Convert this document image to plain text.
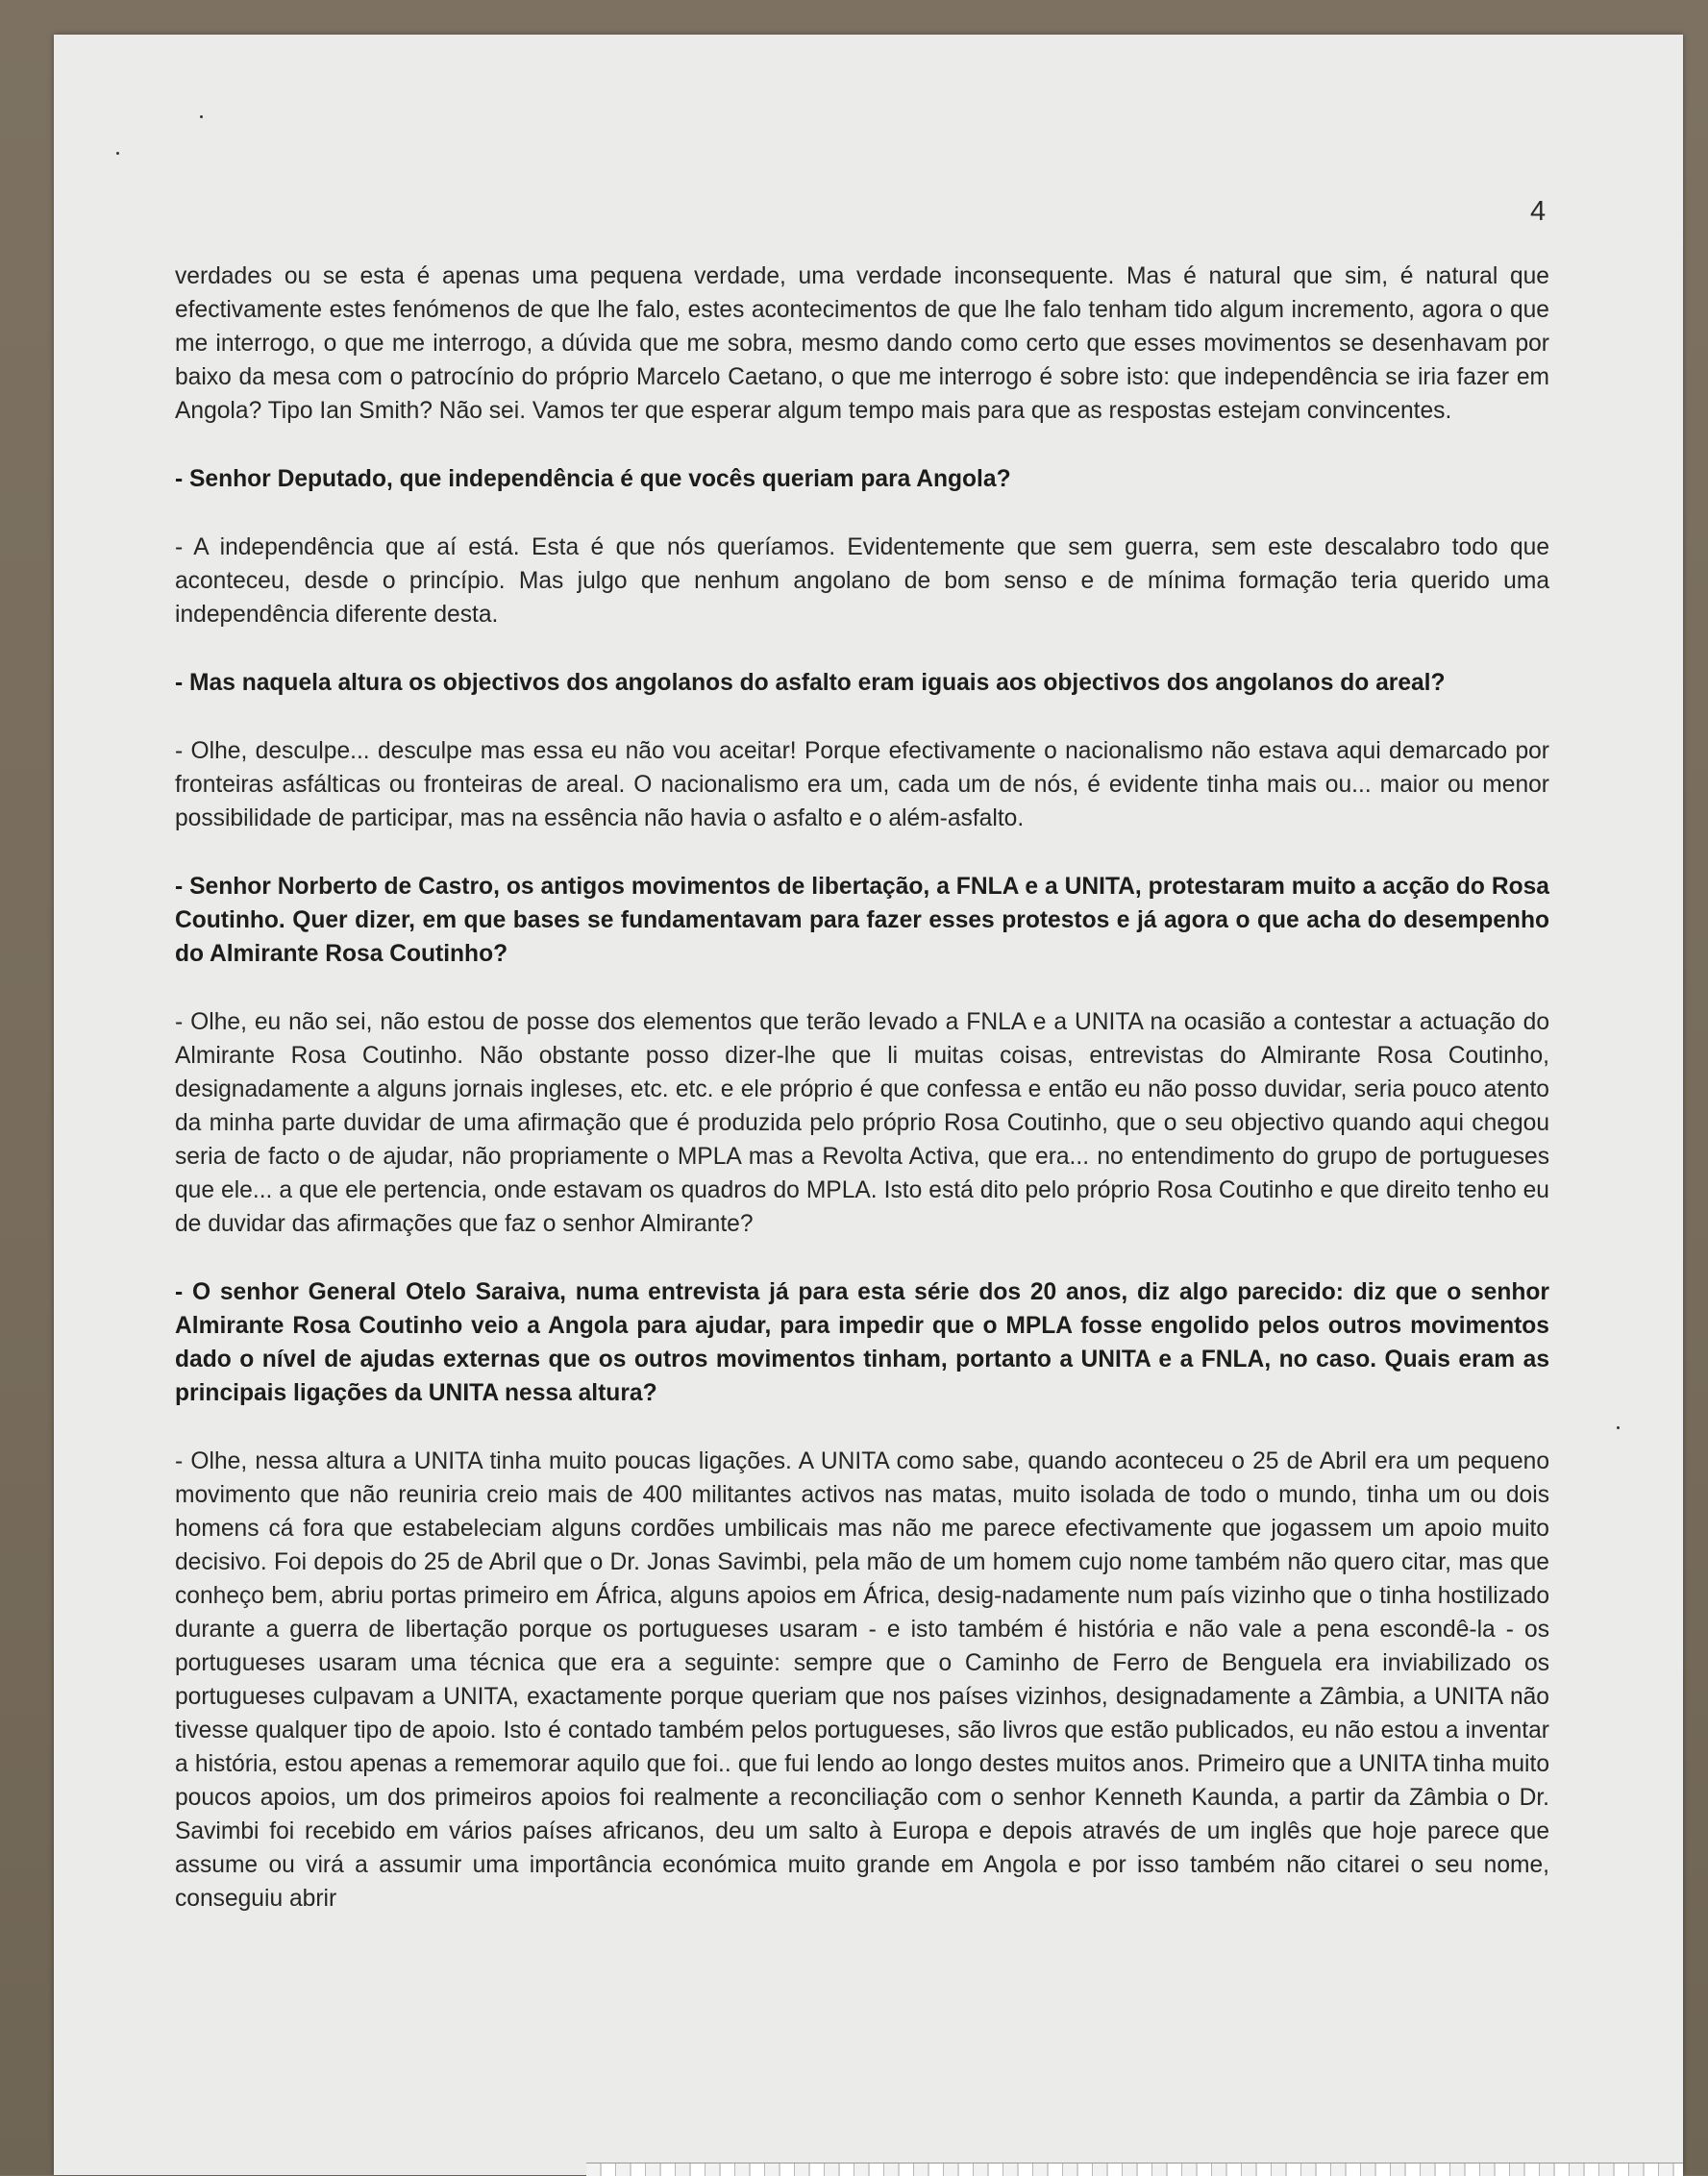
4

verdades ou se esta é apenas uma pequena verdade, uma verdade inconsequente. Mas é natural que sim, é natural que efectivamente estes fenómenos de que lhe falo, estes acontecimentos de que lhe falo tenham tido algum incremento, agora o que me interrogo, o que me interrogo, a dúvida que me sobra, mesmo dando como certo que esses movimentos se desenhavam por baixo da mesa com o patrocínio do próprio Marcelo Caetano, o que me interrogo é sobre isto: que independência se iria fazer em Angola? Tipo Ian Smith? Não sei. Vamos ter que esperar algum tempo mais para que as respostas estejam convincentes.

- Senhor Deputado, que independência é que vocês queriam para Angola?

- A independência que aí está. Esta é que nós queríamos. Evidentemente que sem guerra, sem este descalabro todo que aconteceu, desde o princípio. Mas julgo que nenhum angolano de bom senso e de mínima formação teria querido uma independência diferente desta.

- Mas naquela altura os objectivos dos angolanos do asfalto eram iguais aos objectivos dos angolanos do areal?

- Olhe, desculpe... desculpe mas essa eu não vou aceitar! Porque efectivamente o nacionalismo não estava aqui demarcado por fronteiras asfálticas ou fronteiras de areal. O nacionalismo era um, cada um de nós, é evidente tinha mais ou... maior ou menor possibilidade de participar, mas na essência não havia o asfalto e o além-asfalto.

- Senhor Norberto de Castro, os antigos movimentos de libertação, a FNLA e a UNITA, protestaram muito a acção do Rosa Coutinho. Quer dizer, em que bases se fundamentavam para fazer esses protestos e já agora o que acha do desempenho do Almirante Rosa Coutinho?

- Olhe, eu não sei, não estou de posse dos elementos que terão levado a FNLA e a UNITA na ocasião a contestar a actuação do Almirante Rosa Coutinho. Não obstante posso dizer-lhe que li muitas coisas, entrevistas do Almirante Rosa Coutinho, designadamente a alguns jornais ingleses, etc. etc. e ele próprio é que confessa e então eu não posso duvidar, seria pouco atento da minha parte duvidar de uma afirmação que é produzida pelo próprio Rosa Coutinho, que o seu objectivo quando aqui chegou seria de facto o de ajudar, não propriamente o MPLA mas a Revolta Activa, que era... no entendimento do grupo de portugueses que ele... a que ele pertencia, onde estavam os quadros do MPLA. Isto está dito pelo próprio Rosa Coutinho e que direito tenho eu de duvidar das afirmações que faz o senhor Almirante?

- O senhor General Otelo Saraiva, numa entrevista já para esta série dos 20 anos, diz algo parecido: diz que o senhor Almirante Rosa Coutinho veio a Angola para ajudar, para impedir que o MPLA fosse engolido pelos outros movimentos dado o nível de ajudas externas que os outros movimentos tinham, portanto a UNITA e a FNLA, no caso. Quais eram as principais ligações da UNITA nessa altura?

- Olhe, nessa altura a UNITA tinha muito poucas ligações. A UNITA como sabe, quando aconteceu o 25 de Abril era um pequeno movimento que não reuniria creio mais de 400 militantes activos nas matas, muito isolada de todo o mundo, tinha um ou dois homens cá fora que estabeleciam alguns cordões umbilicais mas não me parece efectivamente que jogassem um apoio muito decisivo. Foi depois do 25 de Abril que o Dr. Jonas Savimbi, pela mão de um homem cujo nome também não quero citar, mas que conheço bem, abriu portas primeiro em África, alguns apoios em África, desig-nadamente num país vizinho que o tinha hostilizado durante a guerra de libertação porque os portugueses usaram - e isto também é história e não vale a pena escondê-la - os portugueses usaram uma técnica que era a seguinte: sempre que o Caminho de Ferro de Benguela era inviabilizado os portugueses culpavam a UNITA, exactamente porque queriam que nos países vizinhos, designadamente a Zâmbia, a UNITA não tivesse qualquer tipo de apoio. Isto é contado também pelos portugueses, são livros que estão publicados, eu não estou a inventar a história, estou apenas a rememorar aquilo que foi.. que fui lendo ao longo destes muitos anos. Primeiro que a UNITA tinha muito poucos apoios, um dos primeiros apoios foi realmente a reconciliação com o senhor Kenneth Kaunda, a partir da Zâmbia o Dr. Savimbi foi recebido em vários países africanos, deu um salto à Europa e depois através de um inglês que hoje parece que assume ou virá a assumir uma importância económica muito grande em Angola e por isso também não citarei o seu nome, conseguiu abrir
